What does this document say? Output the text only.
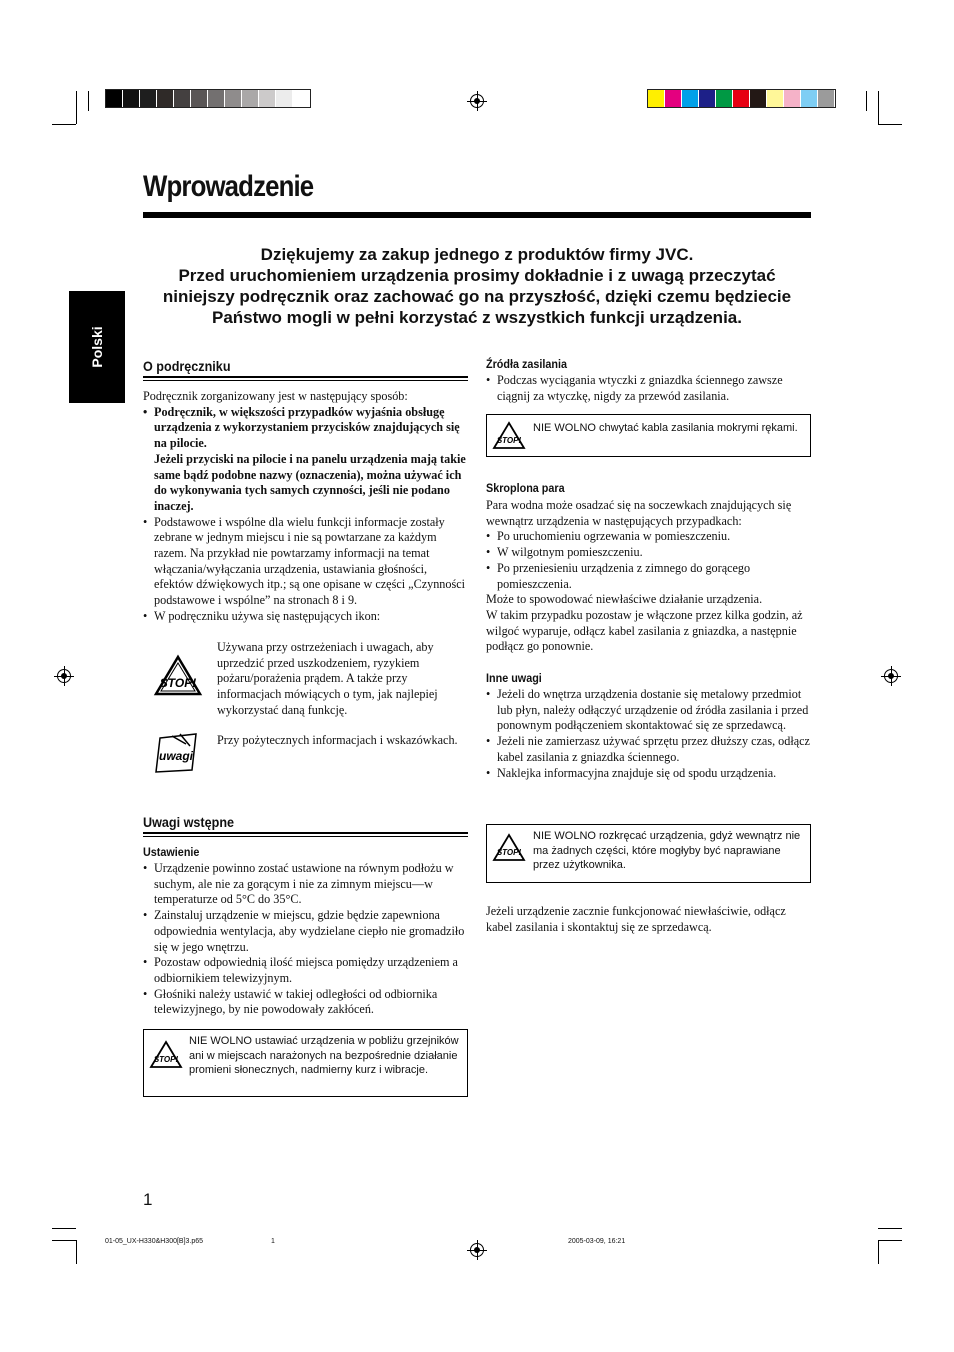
Polski
Wprowadzenie
Dziękujemy za zakup jednego z produktów firmy JVC.
Przed uruchomieniem urządzenia prosimy dokładnie i z uwagą przeczytać
niniejszy podręcznik oraz zachować go na przyszłość, dzięki czemu będziecie
Państwo mogli w pełni korzystać z wszystkich funkcji urządzenia.
O podręczniku

Podręcznik zorganizowany jest w następujący sposób:

• Podręcznik, w większości przypadków wyjaśnia obsługę urządzenia z wykorzystaniem przycisków znajdujących się na pilocie.
Jeżeli przyciski na pilocie i na panelu urządzenia mają takie same bądź podobne nazwy (oznaczenia), można używać ich do wykonywania tych samych czynności, jeśli nie podano inaczej.
• Podstawowe i wspólne dla wielu funkcji informacje zostały zebrane w jednym miejscu i nie są powtarzane za każdym razem. Na przykład nie powtarzamy informacji na temat włączania/wyłączania urządzenia, ustawiania głośności, efektów dźwiękowych itp.; są one opisane w części „Czynności podstawowe i wspólne” na stronach 8 i 9.
• W podręczniku używa się następujących ikon:
STOP!
Używana przy ostrzeżeniach i uwagach, aby uprzedzić przed uszkodzeniem, ryzykiem pożaru/porażenia prądem. A także przy informacjach mówiących o tym, jak najlepiej wykorzystać daną funkcję.
uwagi
Przy pożytecznych informacjach i wskazówkach.
Uwagi wstępne
Ustawienie
• Urządzenie powinno zostać ustawione na równym podłożu w suchym, ale nie za gorącym i nie za zimnym miejscu—w temperaturze od 5°C do 35°C.
• Zainstaluj urządzenie w miejscu, gdzie będzie zapewniona odpowiednia wentylacja, aby wydzielane ciepło nie gromadziło się w jego wnętrzu.
• Pozostaw odpowiednią ilość miejsca pomiędzy urządzeniem a odbiornikiem telewizyjnym.
• Głośniki należy ustawić w takiej odległości od odbiornika telewizyjnego, by nie powodowały zakłóceń.
STOP!
NIE WOLNO ustawiać urządzenia w pobliżu grzejników ani w miejscach narażonych na bezpośrednie działanie promieni słonecznych, nadmierny kurz i wibracje.
Źródła zasilania
• Podczas wyciągania wtyczki z gniazdka ściennego zawsze ciągnij za wtyczkę, nigdy za przewód zasilania.
STOP!
NIE WOLNO chwytać kabla zasilania mokrymi rękami.
Skroplona para

Para wodna może osadzać się na soczewkach znajdujących się wewnątrz urządzenia w następujących przypadkach:

• Po uruchomieniu ogrzewania w pomieszczeniu.
• W wilgotnym pomieszczeniu.
• Po przeniesieniu urządzenia z zimnego do gorącego pomieszczenia.

Może to spowodować niewłaściwe działanie urządzenia.

W takim przypadku pozostaw je włączone przez kilka godzin, aż wilgoć wyparuje, odłącz kabel zasilania z gniazdka, a następnie podłącz go ponownie.

Inne uwagi
• Jeżeli do wnętrza urządzenia dostanie się metalowy przedmiot lub płyn, należy odłączyć urządzenie od źródła zasilania i przed ponownym podłączeniem skontaktować się ze sprzedawcą.
• Jeżeli nie zamierzasz używać sprzętu przez dłuższy czas, odłącz kabel zasilania z gniazdka ściennego.
• Naklejka informacyjna znajduje się od spodu urządzenia.
STOP!
NIE WOLNO rozkręcać urządzenia, gdyż wewnątrz nie ma żadnych części, które mogłyby być naprawiane przez użytkownika.
Jeżeli urządzenie zacznie funkcjonować niewłaściwie, odłącz kabel zasilania i skontaktuj się ze sprzedawcą.
1
01-05_UX-H330&H300[B]3.p65	1	2005-03-09, 16:21
